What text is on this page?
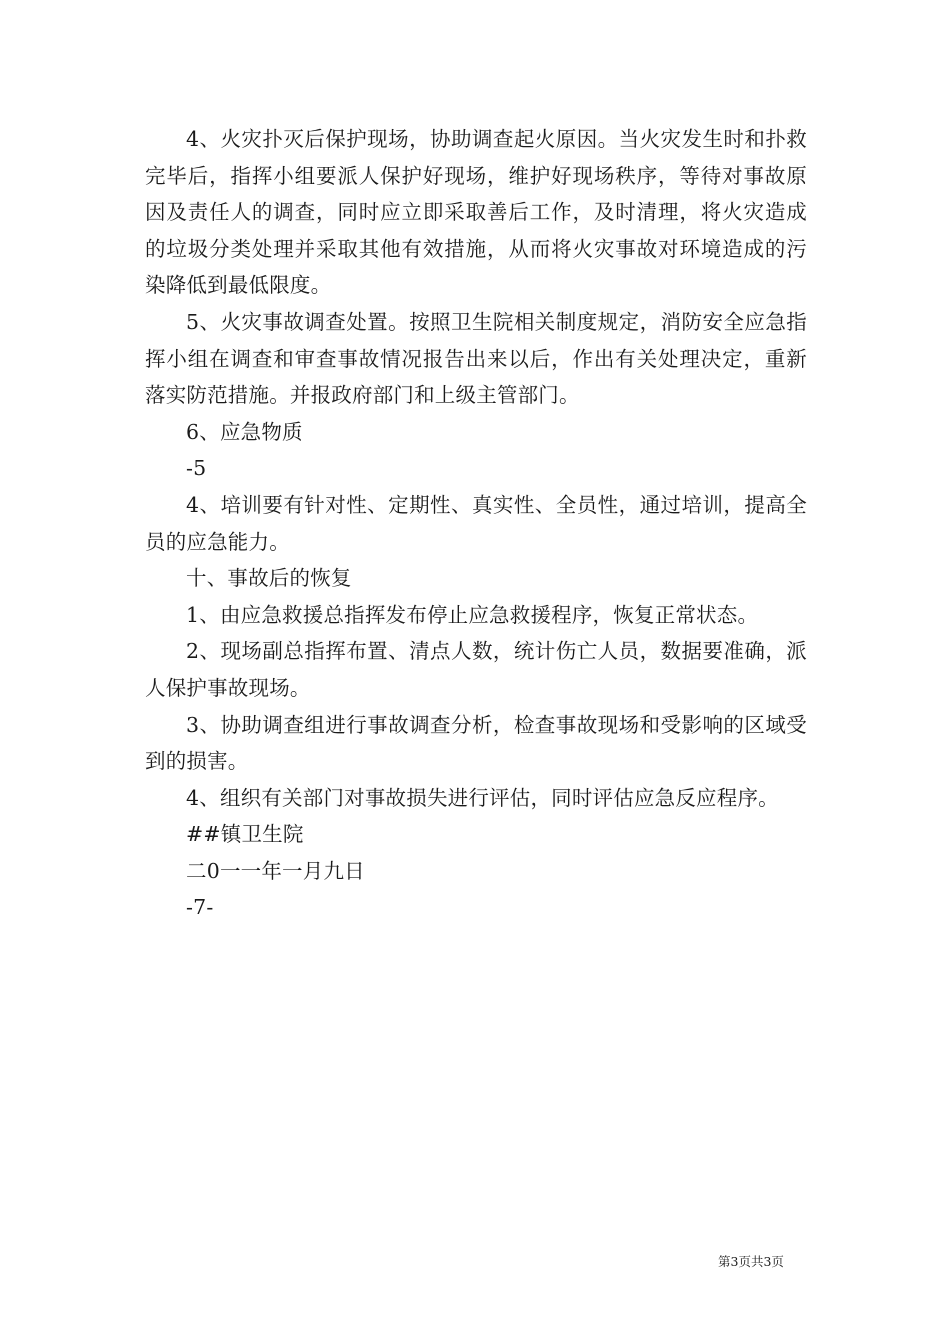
4、火灾扑灭后保护现场，协助调查起火原因。当火灾发生时和扑救完毕后，指挥小组要派人保护好现场，维护好现场秩序，等待对事故原因及责任人的调查，同时应立即采取善后工作，及时清理，将火灾造成的垃圾分类处理并采取其他有效措施，从而将火灾事故对环境造成的污染降低到最低限度。

5、火灾事故调查处置。按照卫生院相关制度规定，消防安全应急指挥小组在调查和审查事故情况报告出来以后，作出有关处理决定，重新落实防范措施。并报政府部门和上级主管部门。

6、应急物质

-5

4、培训要有针对性、定期性、真实性、全员性，通过培训，提高全员的应急能力。

十、事故后的恢复

1、由应急救援总指挥发布停止应急救援程序，恢复正常状态。

2、现场副总指挥布置、清点人数，统计伤亡人员，数据要准确，派人保护事故现场。

3、协助调查组进行事故调查分析，检查事故现场和受影响的区域受到的损害。

4、组织有关部门对事故损失进行评估，同时评估应急反应程序。

##镇卫生院

二0一一年一月九日

-7-

第3页共3页
